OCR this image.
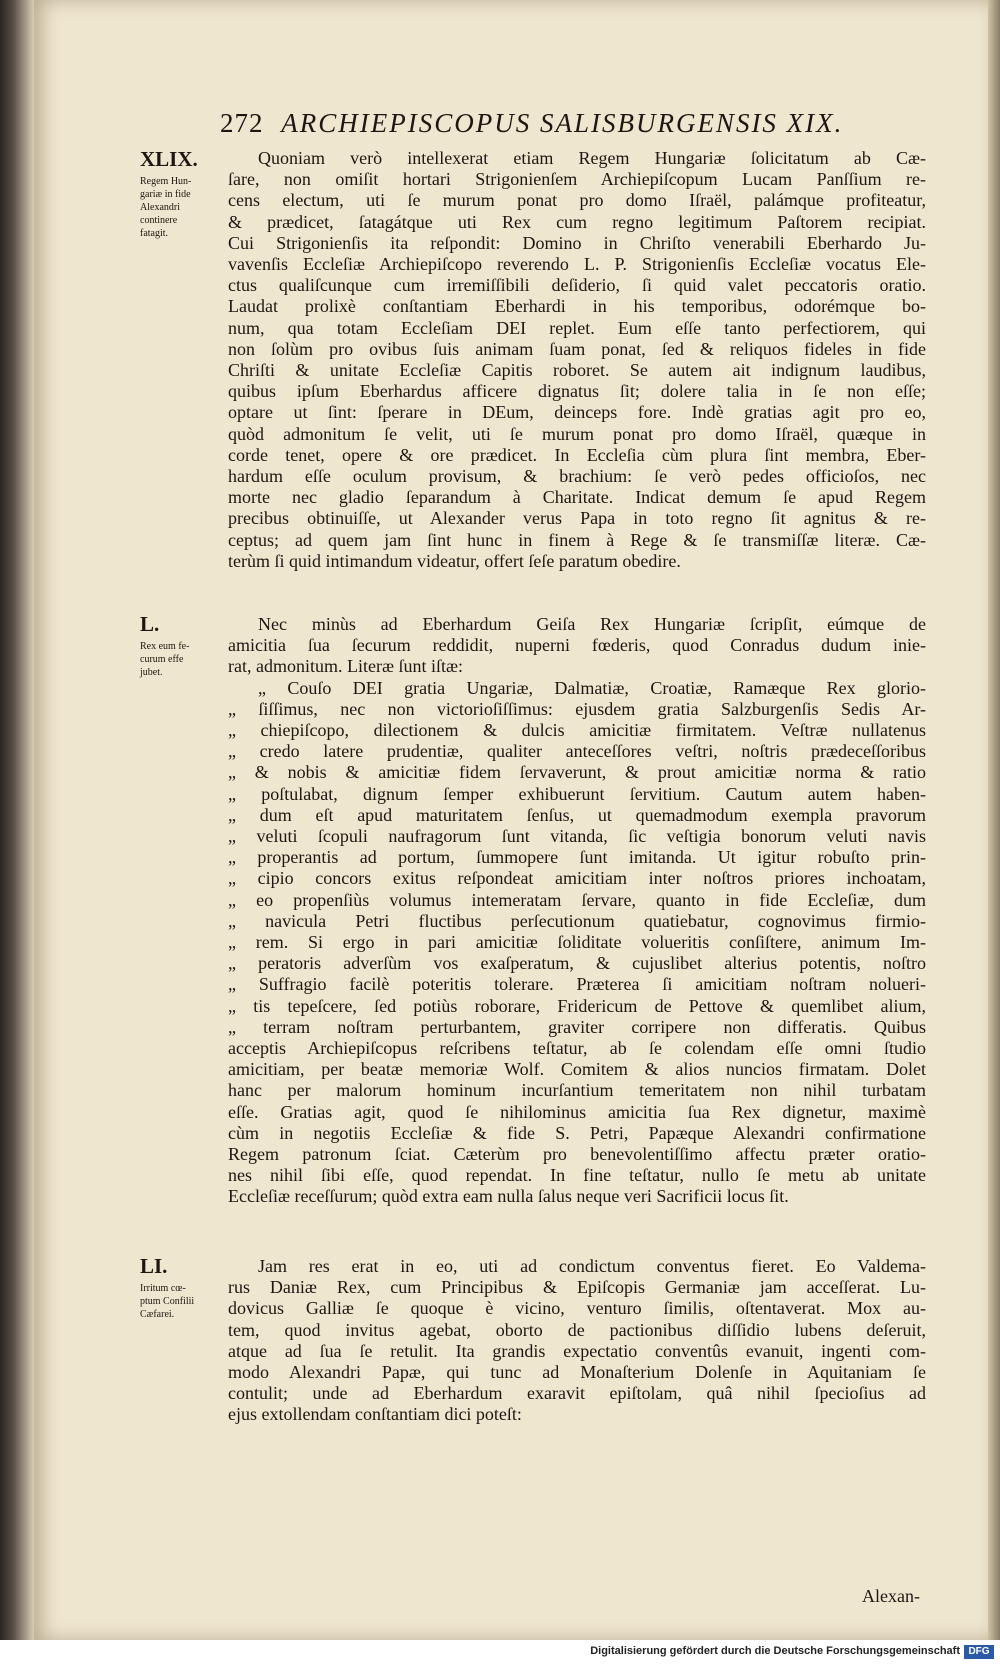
272 ARCHIEPISCOPUS SALISBURGENSIS XIX.
XLIX.
Regem Hun-
gariæ in fide
Alexandri
continere
fatagit.
L.
Rex eum fe-
curum effe
jubet.
LI.
Irritum cœ-
ptum Confilii
Cæfarei.
Quoniam verò intellexerat etiam Regem Hungariæ ſolicitatum ab Cæ-
ſare, non omiſit hortari Strigonienſem Archiepiſcopum Lucam Panſſium re-
cens electum, uti ſe murum ponat pro domo Iſraël, palámque profiteatur,
& prædicet, ſatagátque uti Rex cum regno legitimum Paſtorem recipiat.
Cui Strigonienſis ita reſpondit: Domino in Chriſto venerabili Eberhardo Ju-
vavenſis Eccleſiæ Archiepiſcopo reverendo L. P. Strigonienſis Eccleſiæ vocatus Ele-
ctus qualiſcunque cum irremiſſibili deſiderio, ſi quid valet peccatoris oratio.
Laudat prolixè conſtantiam Eberhardi in his temporibus, odorémque bo-
num, qua totam Eccleſiam DEI replet. Eum eſſe tanto perfectiorem, qui
non ſolùm pro ovibus ſuis animam ſuam ponat, ſed & reliquos fideles in fide
Chriſti & unitate Eccleſiæ Capitis roboret. Se autem ait indignum laudibus,
quibus ipſum Eberhardus afficere dignatus ſit; dolere talia in ſe non eſſe;
optare ut ſint: ſperare in DEum, deinceps fore. Indè gratias agit pro eo,
quòd admonitum ſe velit, uti ſe murum ponat pro domo Iſraël, quæque in
corde tenet, opere & ore prædicet. In Eccleſia cùm plura ſint membra, Eber-
hardum eſſe oculum provisum, & brachium: ſe verò pedes officioſos, nec
morte nec gladio ſeparandum à Charitate. Indicat demum ſe apud Regem
precibus obtinuiſſe, ut Alexander verus Papa in toto regno ſit agnitus & re-
ceptus; ad quem jam ſint hunc in finem à Rege & ſe transmiſſæ literæ. Cæ-
terùm ſi quid intimandum videatur, offert ſeſe paratum obedire.
Nec minùs ad Eberhardum Geiſa Rex Hungariæ ſcripſit, eúmque de
amicitia ſua ſecurum reddidit, nuperni fœderis, quod Conradus dudum inie-
rat, admonitum. Literæ ſunt iſtæ:
„ Couſo DEI gratia Ungariæ, Dalmatiæ, Croatiæ, Ramæque Rex glorio-
„ ſiſſimus, nec non victorioſiſſimus: ejusdem gratia Salzburgenſis Sedis Ar-
„ chiepiſcopo, dilectionem & dulcis amicitiæ firmitatem. Veſtræ nullatenus
„ credo latere prudentiæ, qualiter anteceſſores veſtri, noſtris prædeceſſoribus
„ & nobis & amicitiæ fidem ſervaverunt, & prout amicitiæ norma & ratio
„ poſtulabat, dignum ſemper exhibuerunt ſervitium. Cautum autem haben-
„ dum eſt apud maturitatem ſenſus, ut quemadmodum exempla pravorum
„ veluti ſcopuli naufragorum ſunt vitanda, ſic veſtigia bonorum veluti navis
„ properantis ad portum, ſummopere ſunt imitanda. Ut igitur robuſto prin-
„ cipio concors exitus reſpondeat amicitiam inter noſtros priores inchoatam,
„ eo propenſiùs volumus intemeratam ſervare, quanto in fide Eccleſiæ, dum
„ navicula Petri fluctibus perſecutionum quatiebatur, cognovimus firmio-
„ rem. Si ergo in pari amicitiæ ſoliditate volueritis conſiſtere, animum Im-
„ peratoris adverſùm vos exaſperatum, & cujuslibet alterius potentis, noſtro
„ Suffragio facilè poteritis tolerare. Præterea ſi amicitiam noſtram nolueri-
„ tis tepeſcere, ſed potiùs roborare, Fridericum de Pettove & quemlibet alium,
„ terram noſtram perturbantem, graviter corripere non differatis. Quibus
acceptis Archiepiſcopus reſcribens teſtatur, ab ſe colendam eſſe omni ſtudio
amicitiam, per beatæ memoriæ Wolf. Comitem & alios nuncios firmatam. Dolet
hanc per malorum hominum incurſantium temeritatem non nihil turbatam
eſſe. Gratias agit, quod ſe nihilominus amicitia ſua Rex dignetur, maximè
cùm in negotiis Eccleſiæ & fide S. Petri, Papæque Alexandri confirmatione
Regem patronum ſciat. Cæterùm pro benevolentiſſimo affectu præter oratio-
nes nihil ſibi eſſe, quod rependat. In fine teſtatur, nullo ſe metu ab unitate
Eccleſiæ receſſurum; quòd extra eam nulla ſalus neque veri Sacrificii locus ſit.
Jam res erat in eo, uti ad condictum conventus fieret. Eo Valdema-
rus Daniæ Rex, cum Principibus & Epiſcopis Germaniæ jam acceſſerat. Lu-
dovicus Galliæ ſe quoque è vicino, venturo ſimilis, oſtentaverat. Mox au-
tem, quod invitus agebat, oborto de pactionibus diſſidio lubens deſeruit,
atque ad ſua ſe retulit. Ita grandis expectatio conventûs evanuit, ingenti com-
modo Alexandri Papæ, qui tunc ad Monaſterium Dolenſe in Aquitaniam ſe
contulit; unde ad Eberhardum exaravit epiſtolam, quâ nihil ſpecioſius ad
ejus extollendam conſtantiam dici poteſt:
Alexan-
Digitalisierung gefördert durch die Deutsche Forschungsgemeinschaft DFG
